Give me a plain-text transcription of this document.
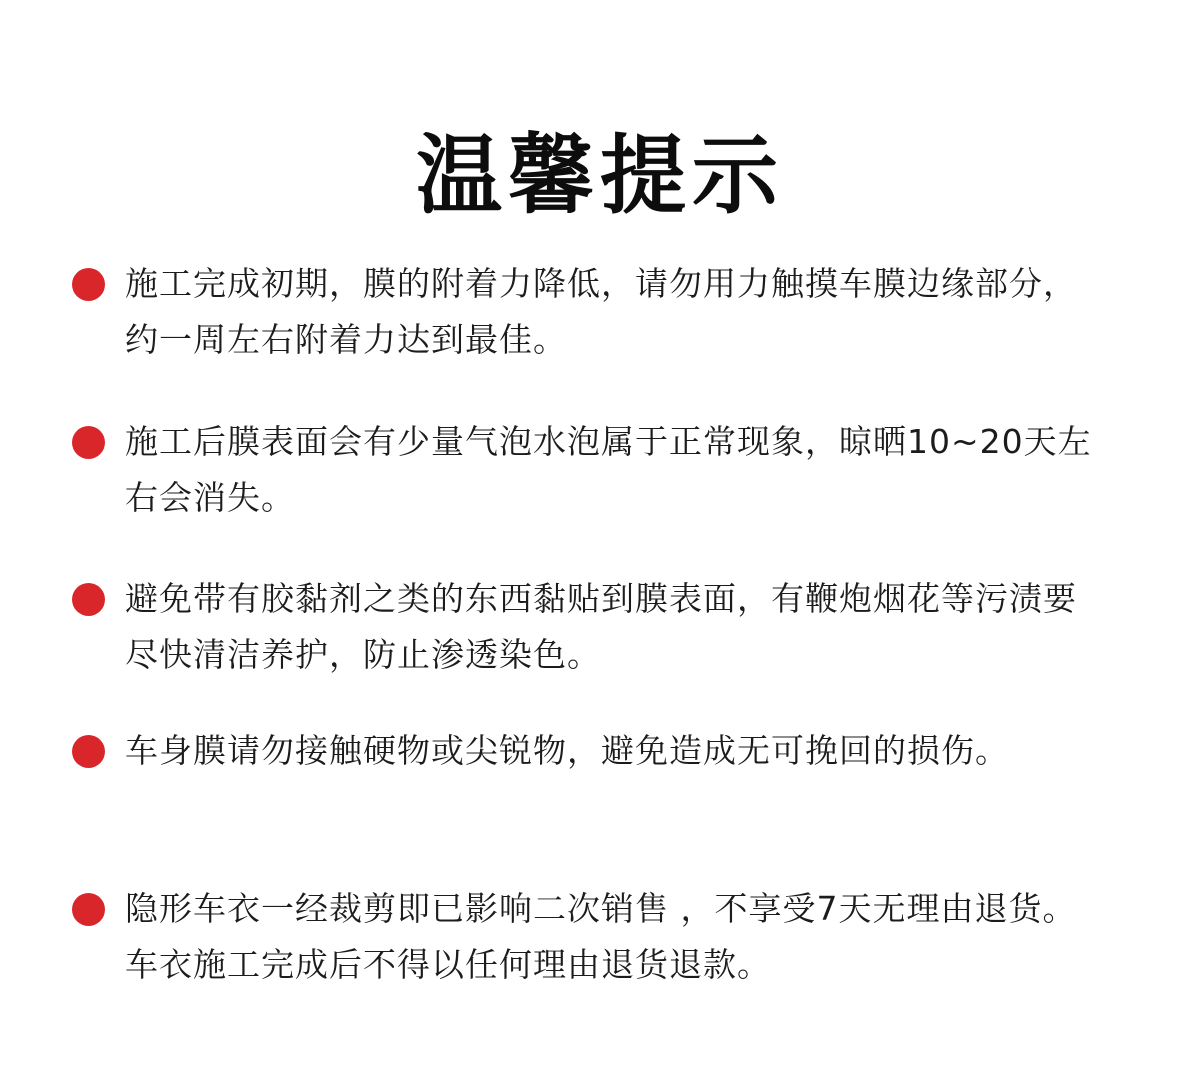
温馨提示

施工完成初期，膜的附着力降低，请勿用力触摸车膜边缘部分，约一周左右附着力达到最佳。

施工后膜表面会有少量气泡水泡属于正常现象，晾晒10~20天左右会消失。

避免带有胶黏剂之类的东西黏贴到膜表面，有鞭炮烟花等污渍要尽快清洁养护，防止渗透染色。

车身膜请勿接触硬物或尖锐物，避免造成无可挽回的损伤。

隐形车衣一经裁剪即已影响二次销售 ，不享受7天无理由退货。车衣施工完成后不得以任何理由退货退款。
